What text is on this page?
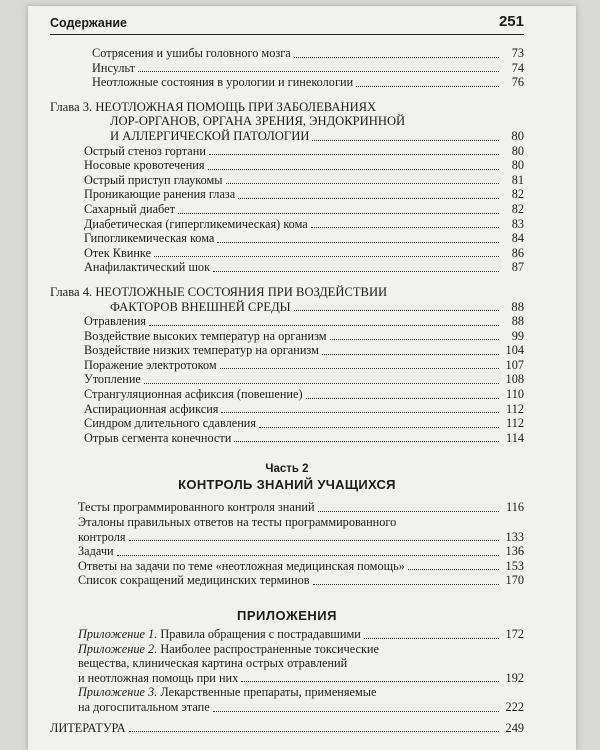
Содержание	251
Сотрясения и ушибы головного мозга	73
Инсульт	74
Неотложные состояния в урологии и гинекологии	76
Глава 3. НЕОТЛОЖНАЯ ПОМОЩЬ ПРИ ЗАБОЛЕВАНИЯХ
ЛОР-ОРГАНОВ, ОРГАНА ЗРЕНИЯ, ЭНДОКРИННОЙ
И АЛЛЕРГИЧЕСКОЙ ПАТОЛОГИИ	80
Острый стеноз гортани	80
Носовые кровотечения	80
Острый приступ глаукомы	81
Проникающие ранения глаза	82
Сахарный диабет	82
Диабетическая (гипергликемическая) кома	83
Гипогликемическая кома	84
Отек Квинке	86
Анафилактический шок	87
Глава 4. НЕОТЛОЖНЫЕ СОСТОЯНИЯ ПРИ ВОЗДЕЙСТВИИ
ФАКТОРОВ ВНЕШНЕЙ СРЕДЫ	88
Отравления	88
Воздействие высоких температур на организм	99
Воздействие низких температур на организм	104
Поражение электротоком	107
Утопление	108
Странгуляционная асфиксия (повешение)	110
Аспирационная асфиксия	112
Синдром длительного сдавления	112
Отрыв сегмента конечности	114
Часть 2
КОНТРОЛЬ ЗНАНИЙ УЧАЩИХСЯ
Тесты программированного контроля знаний	116
Эталоны правильных ответов на тесты программированного
контроля	133
Задачи	136
Ответы на задачи по теме «неотложная медицинская помощь»	153
Список сокращений медицинских терминов	170
ПРИЛОЖЕНИЯ
Приложение 1. Правила обращения с пострадавшими	172
Приложение 2. Наиболее распространенные токсические
вещества, клиническая картина острых отравлений
и неотложная помощь при них	192
Приложение 3. Лекарственные препараты, применяемые
на догоспитальном этапе	222
ЛИТЕРАТУРА	249
